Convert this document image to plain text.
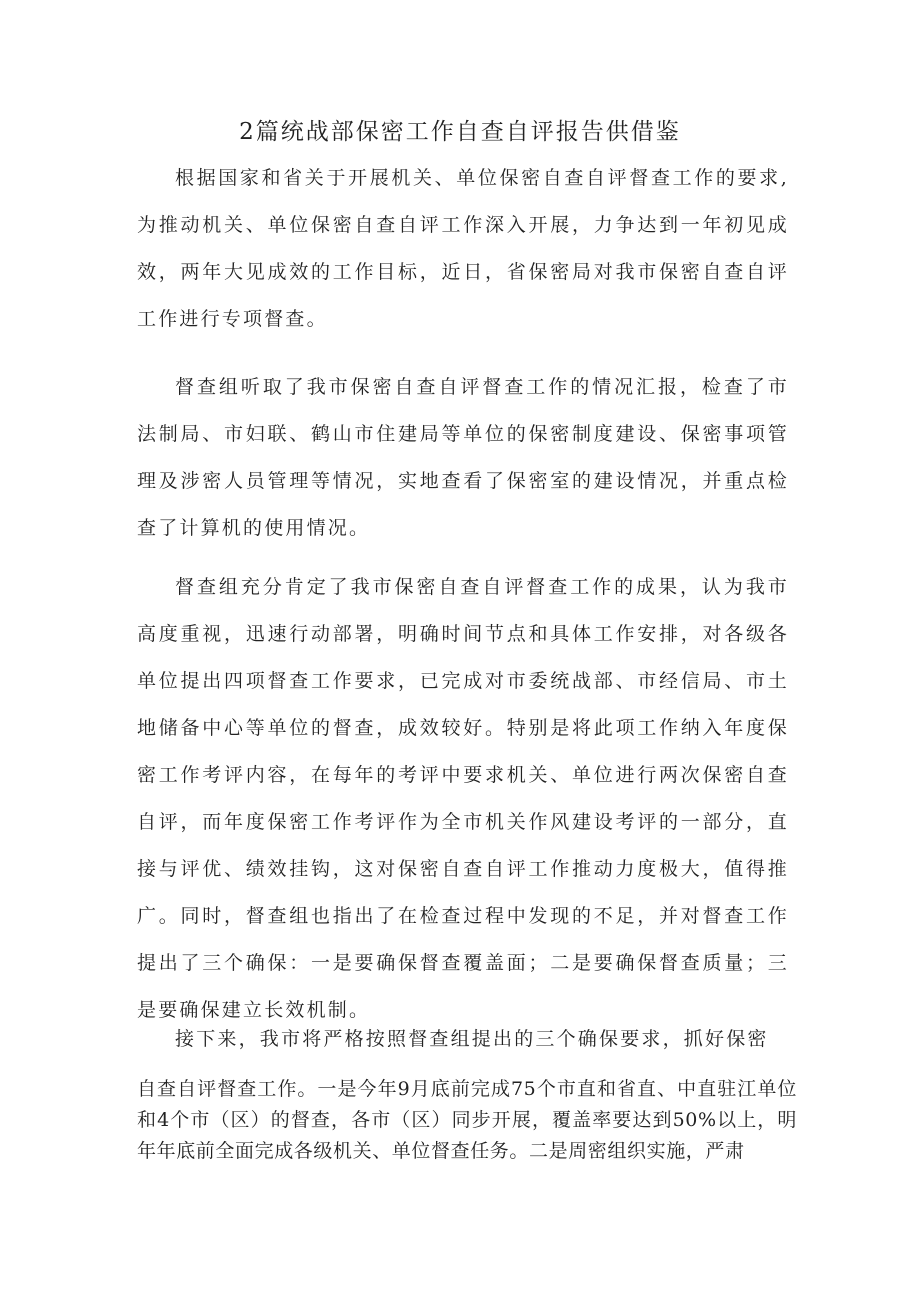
2篇统战部保密工作自查自评报告供借鉴

根据国家和省关于开展机关、单位保密自查自评督查工作的要求,为推动机关、单位保密自查自评工作深入开展，力争达到一年初见成效，两年大见成效的工作目标，近日，省保密局对我市保密自查自评工作进行专项督查。

督查组听取了我市保密自查自评督查工作的情况汇报，检查了市法制局、市妇联、鹤山市住建局等单位的保密制度建设、保密事项管理及涉密人员管理等情况，实地查看了保密室的建设情况，并重点检查了计算机的使用情况。

督查组充分肯定了我市保密自查自评督查工作的成果，认为我市高度重视，迅速行动部署，明确时间节点和具体工作安排，对各级各单位提出四项督查工作要求，已完成对市委统战部、市经信局、市土地储备中心等单位的督查，成效较好。特别是将此项工作纳入年度保密工作考评内容，在每年的考评中要求机关、单位进行两次保密自查自评，而年度保密工作考评作为全市机关作风建设考评的一部分，直接与评优、绩效挂钩，这对保密自查自评工作推动力度极大，值得推广。同时，督查组也指出了在检查过程中发现的不足，并对督查工作提出了三个确保：一是要确保督查覆盖面；二是要确保督查质量；三是要确保建立长效机制。

接下来，我市将严格按照督查组提出的三个确保要求，抓好保密

自查自评督查工作。一是今年9月底前完成75个市直和省直、中直驻江单位和4个市（区）的督查，各市（区）同步开展，覆盖率要达到50%以上，明年年底前全面完成各级机关、单位督查任务。二是周密组织实施，严肃
